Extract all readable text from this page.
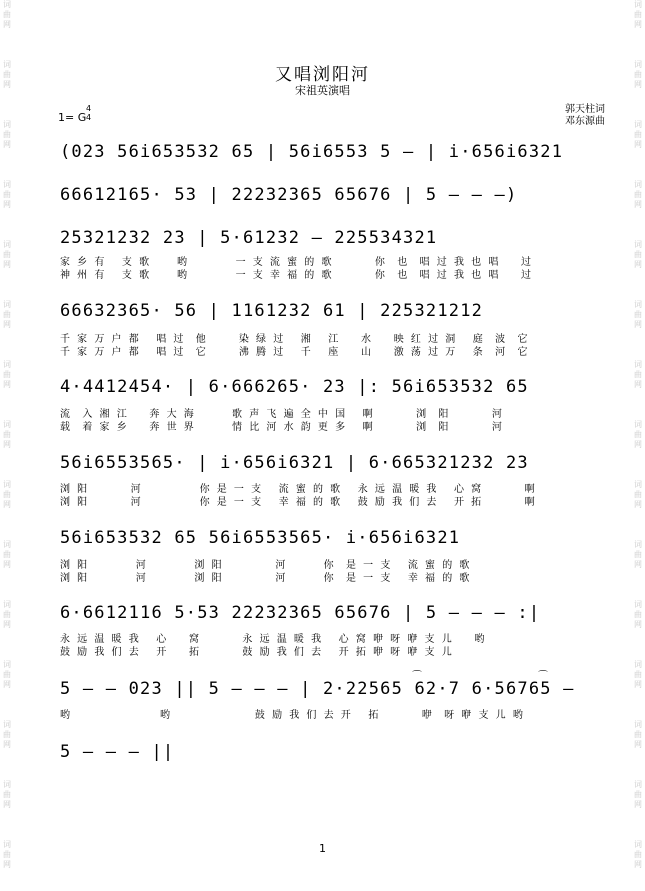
词
曲
网
词
曲
网
词
曲
网
词
曲
网
词
曲
网
词
曲
网
词
曲
网
词
曲
网
词
曲
网
词
曲
网
词
曲
网
词
曲
网
词
曲
网
词
曲
网
词
曲
网
词
曲
网
词
曲
网
词
曲
网
词
曲
网
词
曲
网
词
曲
网
词
曲
网
词
曲
网
词
曲
网
词
曲
网
词
曲
网
词
曲
网
词
曲
网
词
曲
网
词
曲
网
又唱浏阳河
宋祖英演唱
郭天柱词
邓东源曲
1= G
4
4
(023 56i653532 65 | 56i6553 5 – | i·656i6321
66612165· 53 | 22232365 65676 | 5 – – –)
25321232 23 | 5·61232 – 225534321
家 乡 有   支 歌     哟         一 支 流 蜜 的 歌        你  也  唱 过 我 也 唱    过
神 州 有   支 歌     哟         一 支 幸 福 的 歌        你  也  唱 过 我 也 唱    过
66632365· 56 | 1161232 61 | 225321212
千 家 万 户 都   唱 过  他      染 绿 过   湘   江    水    映 红 过 洞   庭  波  它
千 家 万 户 都   唱 过  它      沸 腾 过   千   座    山    激 荡 过 万   条  河  它
4·4412454· | 6·666265· 23 |: 56i653532 65
流  入 湘 江    奔 大 海       歌 声 飞 遍 全 中 国   啊        浏  阳        河
载  着 家 乡    奔 世 界       情 比 河 水 韵 更 多   啊        浏  阳        河
56i6553565· | i·656i6321 | 6·665321232 23
浏 阳        河           你 是 一 支   流 蜜 的 歌   永 远 温 暖 我   心 窝        啊
浏 阳        河           你 是 一 支   幸 福 的 歌   鼓 励 我 们 去   开 拓        啊
56i653532 65 56i6553565· i·656i6321
浏 阳         河         浏 阳          河       你  是 一 支   流 蜜 的 歌
浏 阳         河         浏 阳          河       你  是 一 支   幸 福 的 歌
6·6612116 5·53 22232365 65676 | 5 – – – :|
永 远 温 暖 我   心    窝        永 远 温 暖 我   心 窝 咿 呀 咿 支 儿    哟
鼓 励 我 们 去   开    拓        鼓 励 我 们 去   开 拓 咿 呀 咿 支 儿
⌒	⌒
5 – – 023 || 5 – – – | 2·22565 62·7 6·56765 –
哟                 哟                鼓 励 我 们 去 开   拓        咿  呀 咿 支 儿 哟
5 – – – ||
1
